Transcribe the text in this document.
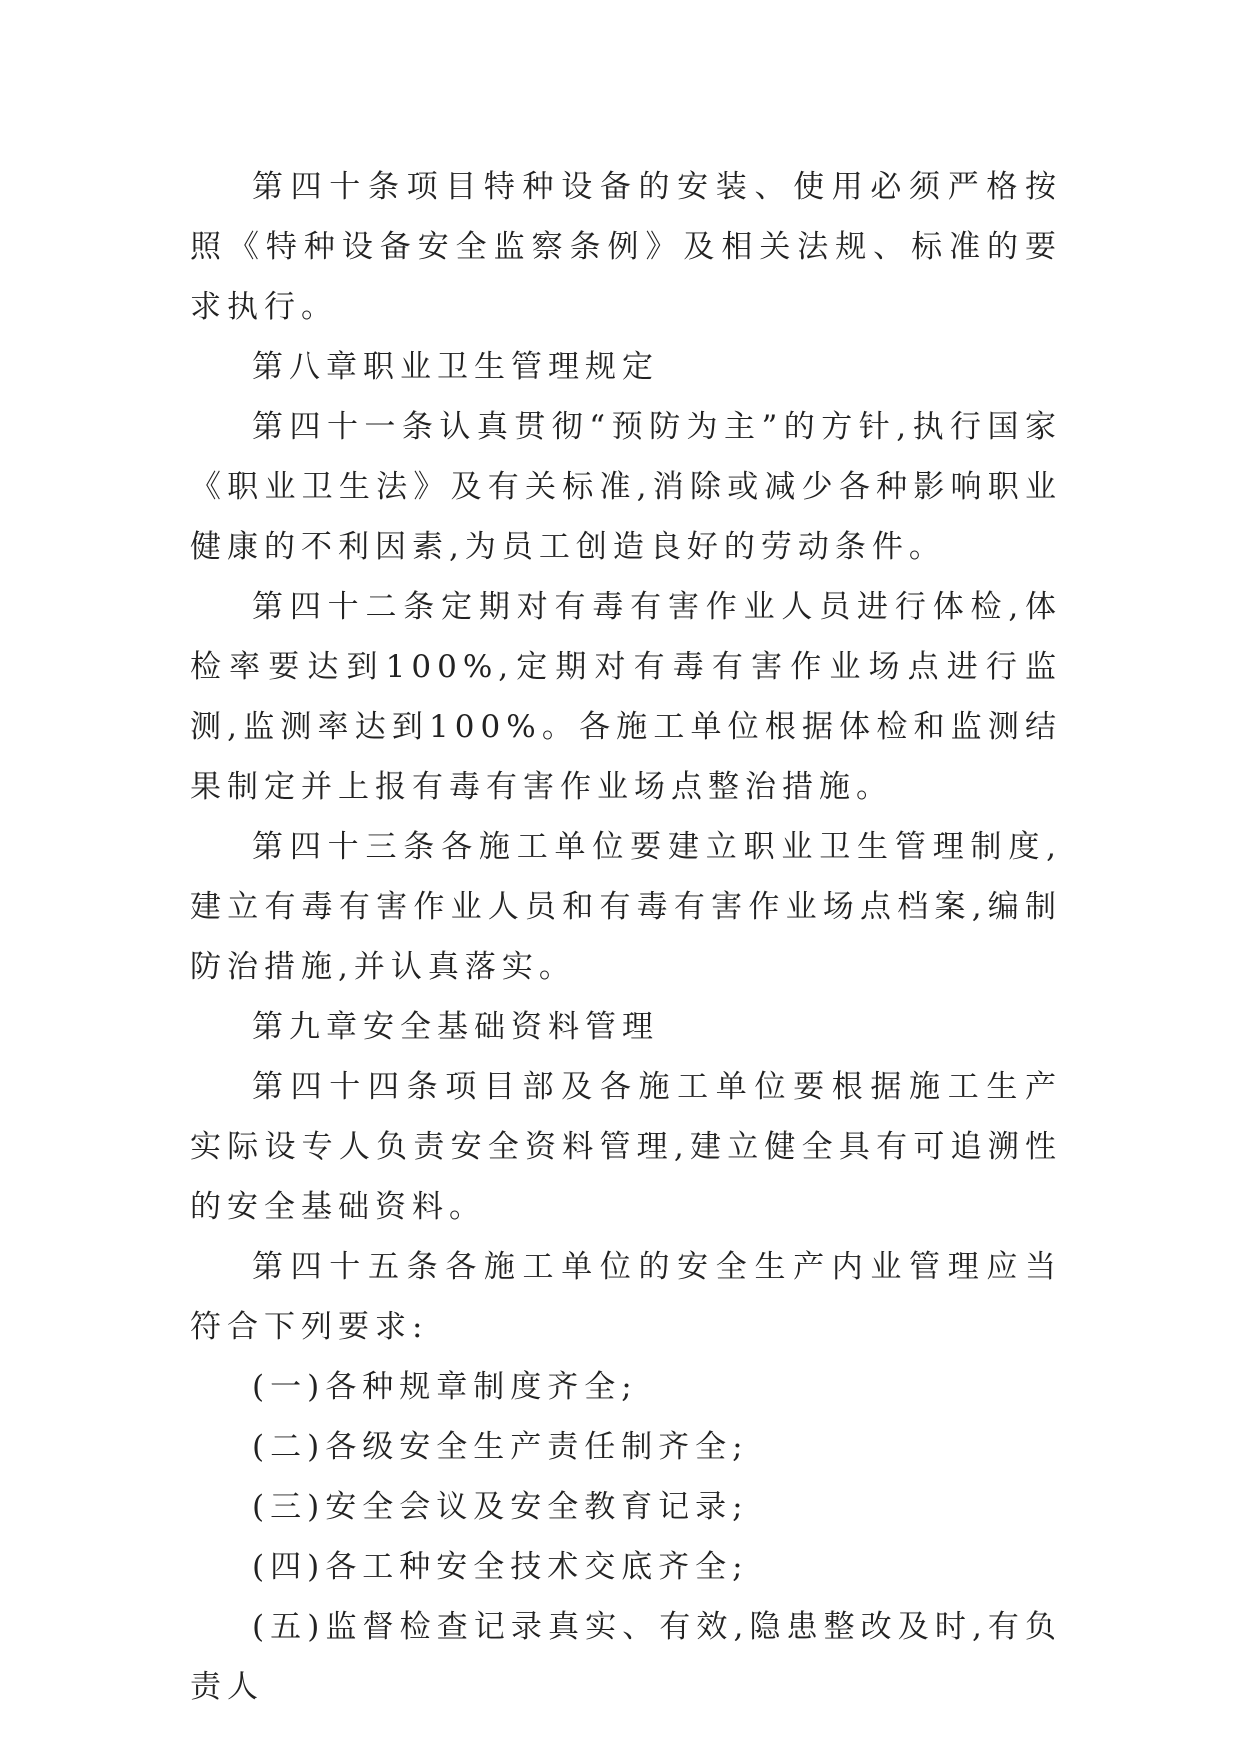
第四十条项目特种设备的安装、使用必须严格按照《特种设备安全监察条例》及相关法规、标准的要求执行。

第八章职业卫生管理规定

第四十一条认真贯彻“预防为主”的方针,执行国家《职业卫生法》及有关标准,消除或减少各种影响职业健康的不利因素,为员工创造良好的劳动条件。

第四十二条定期对有毒有害作业人员进行体检,体检率要达到100%,定期对有毒有害作业场点进行监测,监测率达到100%。各施工单位根据体检和监测结果制定并上报有毒有害作业场点整治措施。

第四十三条各施工单位要建立职业卫生管理制度,建立有毒有害作业人员和有毒有害作业场点档案,编制防治措施,并认真落实。

第九章安全基础资料管理

第四十四条项目部及各施工单位要根据施工生产实际设专人负责安全资料管理,建立健全具有可追溯性的安全基础资料。

第四十五条各施工单位的安全生产内业管理应当符合下列要求:

(一)各种规章制度齐全;

(二)各级安全生产责任制齐全;

(三)安全会议及安全教育记录;

(四)各工种安全技术交底齐全;

(五)监督检查记录真实、有效,隐患整改及时,有负责人
